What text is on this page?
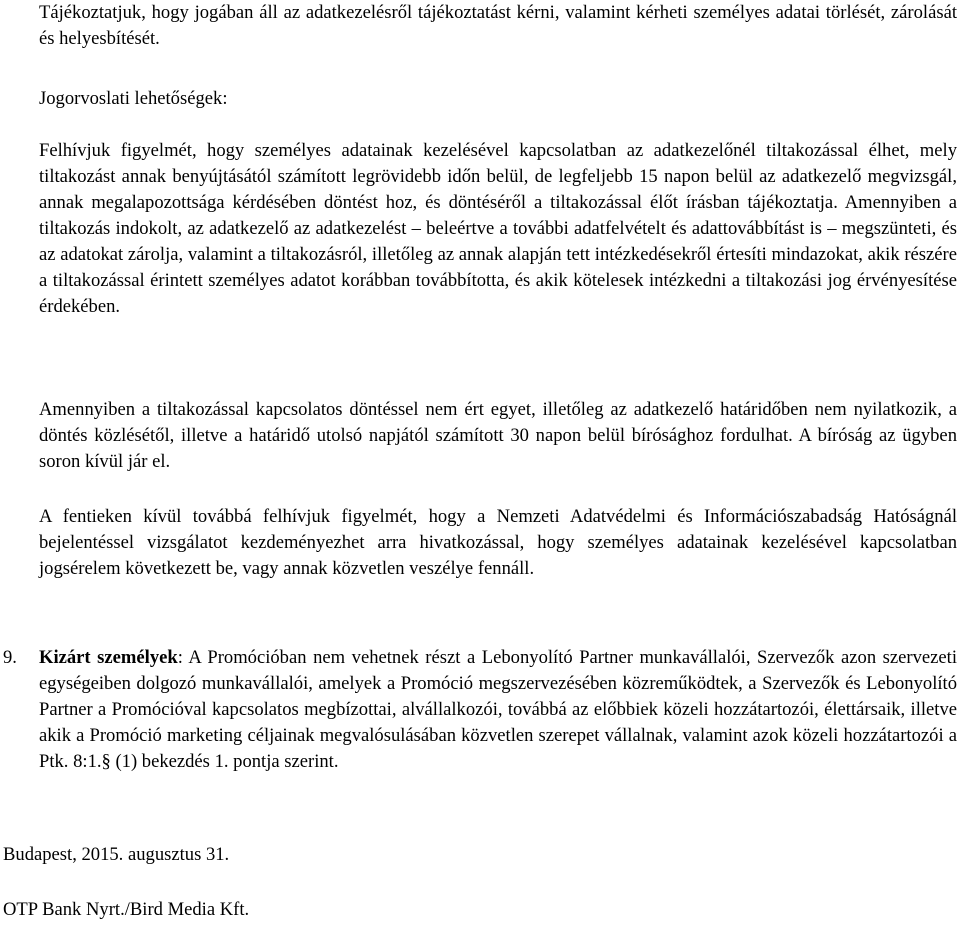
Tájékoztatjuk, hogy jogában áll az adatkezelésről tájékoztatást kérni, valamint kérheti személyes adatai törlését, zárolását és helyesbítését.

Jogorvoslati lehetőségek:

Felhívjuk figyelmét, hogy személyes adatainak kezelésével kapcsolatban az adatkezelőnél tiltakozással élhet, mely tiltakozást annak benyújtásától számított legrövidebb időn belül, de legfeljebb 15 napon belül az adatkezelő megvizsgál, annak megalapozottsága kérdésében döntést hoz, és döntéséről a tiltakozással élőt írásban tájékoztatja. Amennyiben a tiltakozás indokolt, az adatkezelő az adatkezelést – beleértve a további adatfelvételt és adattovábbítást is – megszünteti, és az adatokat zárolja, valamint a tiltakozásról, illetőleg az annak alapján tett intézkedésekről értesíti mindazokat, akik részére a tiltakozással érintett személyes adatot korábban továbbította, és akik kötelesek intézkedni a tiltakozási jog érvényesítése érdekében.

Amennyiben a tiltakozással kapcsolatos döntéssel nem ért egyet, illetőleg az adatkezelő határidőben nem nyilatkozik, a döntés közlésétől, illetve a határidő utolsó napjától számított 30 napon belül bírósághoz fordulhat. A bíróság az ügyben soron kívül jár el.

A fentieken kívül továbbá felhívjuk figyelmét, hogy a Nemzeti Adatvédelmi és Információszabadság Hatóságnál bejelentéssel vizsgálatot kezdeményezhet arra hivatkozással, hogy személyes adatainak kezelésével kapcsolatban jogsérelem következett be, vagy annak közvetlen veszélye fennáll.

9.	Kizárt személyek: A Promócióban nem vehetnek részt a Lebonyolító Partner munkavállalói, Szervezők azon szervezeti egységeiben dolgozó munkavállalói, amelyek a Promóció megszervezésében közreműködtek, a Szervezők és Lebonyolító Partner a Promócióval kapcsolatos megbízottai, alvállalkozói, továbbá az előbbiek közeli hozzátartozói, élettársaik, illetve akik a Promóció marketing céljainak megvalósulásában közvetlen szerepet vállalnak, valamint azok közeli hozzátartozói a Ptk. 8:1.§ (1) bekezdés 1. pontja szerint.

Budapest, 2015. augusztus 31.

OTP Bank Nyrt./Bird Media Kft.
